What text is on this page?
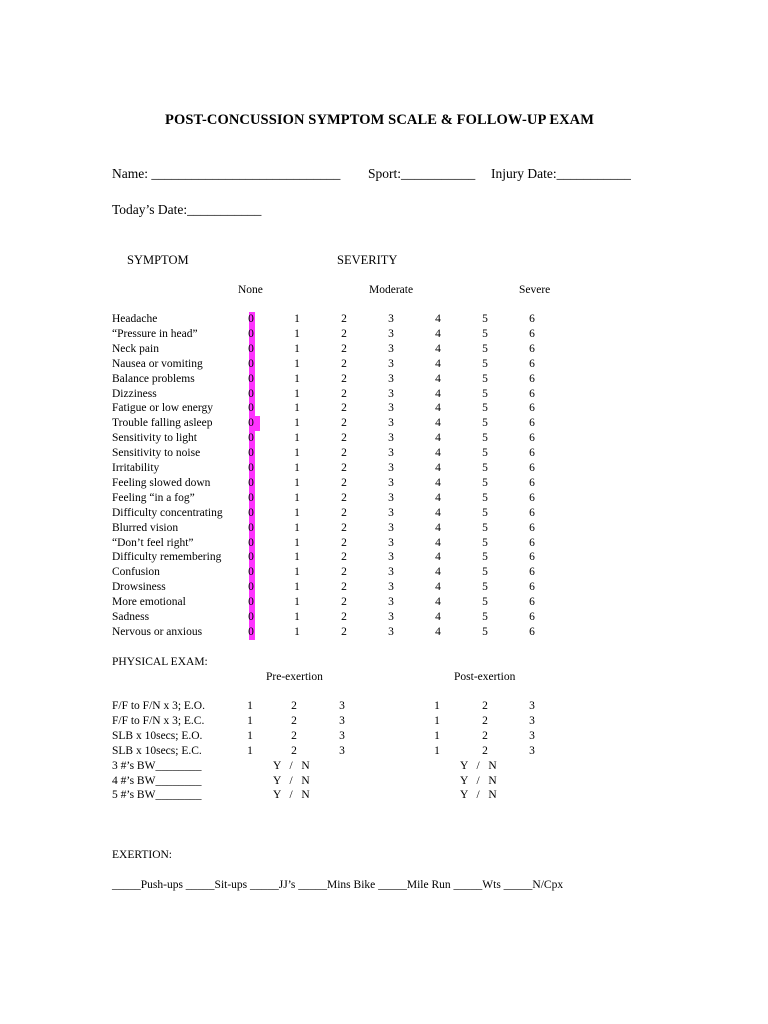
POST-CONCUSSION SYMPTOM SCALE & FOLLOW-UP EXAM
Name: ____________________________ Sport:___________ Injury Date:___________
Today’s Date:___________
SYMPTOM	SEVERITY
None	Moderate	Severe
Headache	0	1	2	3	4	5	6
“Pressure in head”	0	1	2	3	4	5	6
Neck pain	0	1	2	3	4	5	6
Nausea or vomiting	0	1	2	3	4	5	6
Balance problems	0	1	2	3	4	5	6
Dizziness	0	1	2	3	4	5	6
Fatigue or low energy	0	1	2	3	4	5	6
Trouble falling asleep	0	1	2	3	4	5	6
Sensitivity to light	0	1	2	3	4	5	6
Sensitivity to noise	0	1	2	3	4	5	6
Irritability	0	1	2	3	4	5	6
Feeling slowed down	0	1	2	3	4	5	6
Feeling “in a fog”	0	1	2	3	4	5	6
Difficulty concentrating 0	1	2	3	4	5	6
Blurred vision	0	1	2	3	4	5	6
“Don’t feel right”	0	1	2	3	4	5	6
Difficulty remembering 0	1	2	3	4	5	6
Confusion	0	1	2	3	4	5	6
Drowsiness	0	1	2	3	4	5	6
More emotional	0	1	2	3	4	5	6
Sadness	0	1	2	3	4	5	6
Nervous or anxious	0	1	2	3	4	5	6
PHYSICAL EXAM:
Pre-exertion	Post-exertion
F/F to F/N x 3; E.O.	1	2	3	1	2	3
F/F to F/N x 3; E.C.	1	2	3	1	2	3
SLB x 10secs; E.O.	1	2	3	1	2	3
SLB x 10secs; E.C.	1	2	3	1	2	3
3 #’s BW________	Y   /   N	Y   /   N
4 #’s BW________	Y   /   N	Y   /   N
5 #’s BW________	Y   /   N	Y   /   N
EXERTION:
_____Push-ups _____Sit-ups _____JJ’s _____Mins Bike _____Mile Run _____Wts _____N/Cpx
